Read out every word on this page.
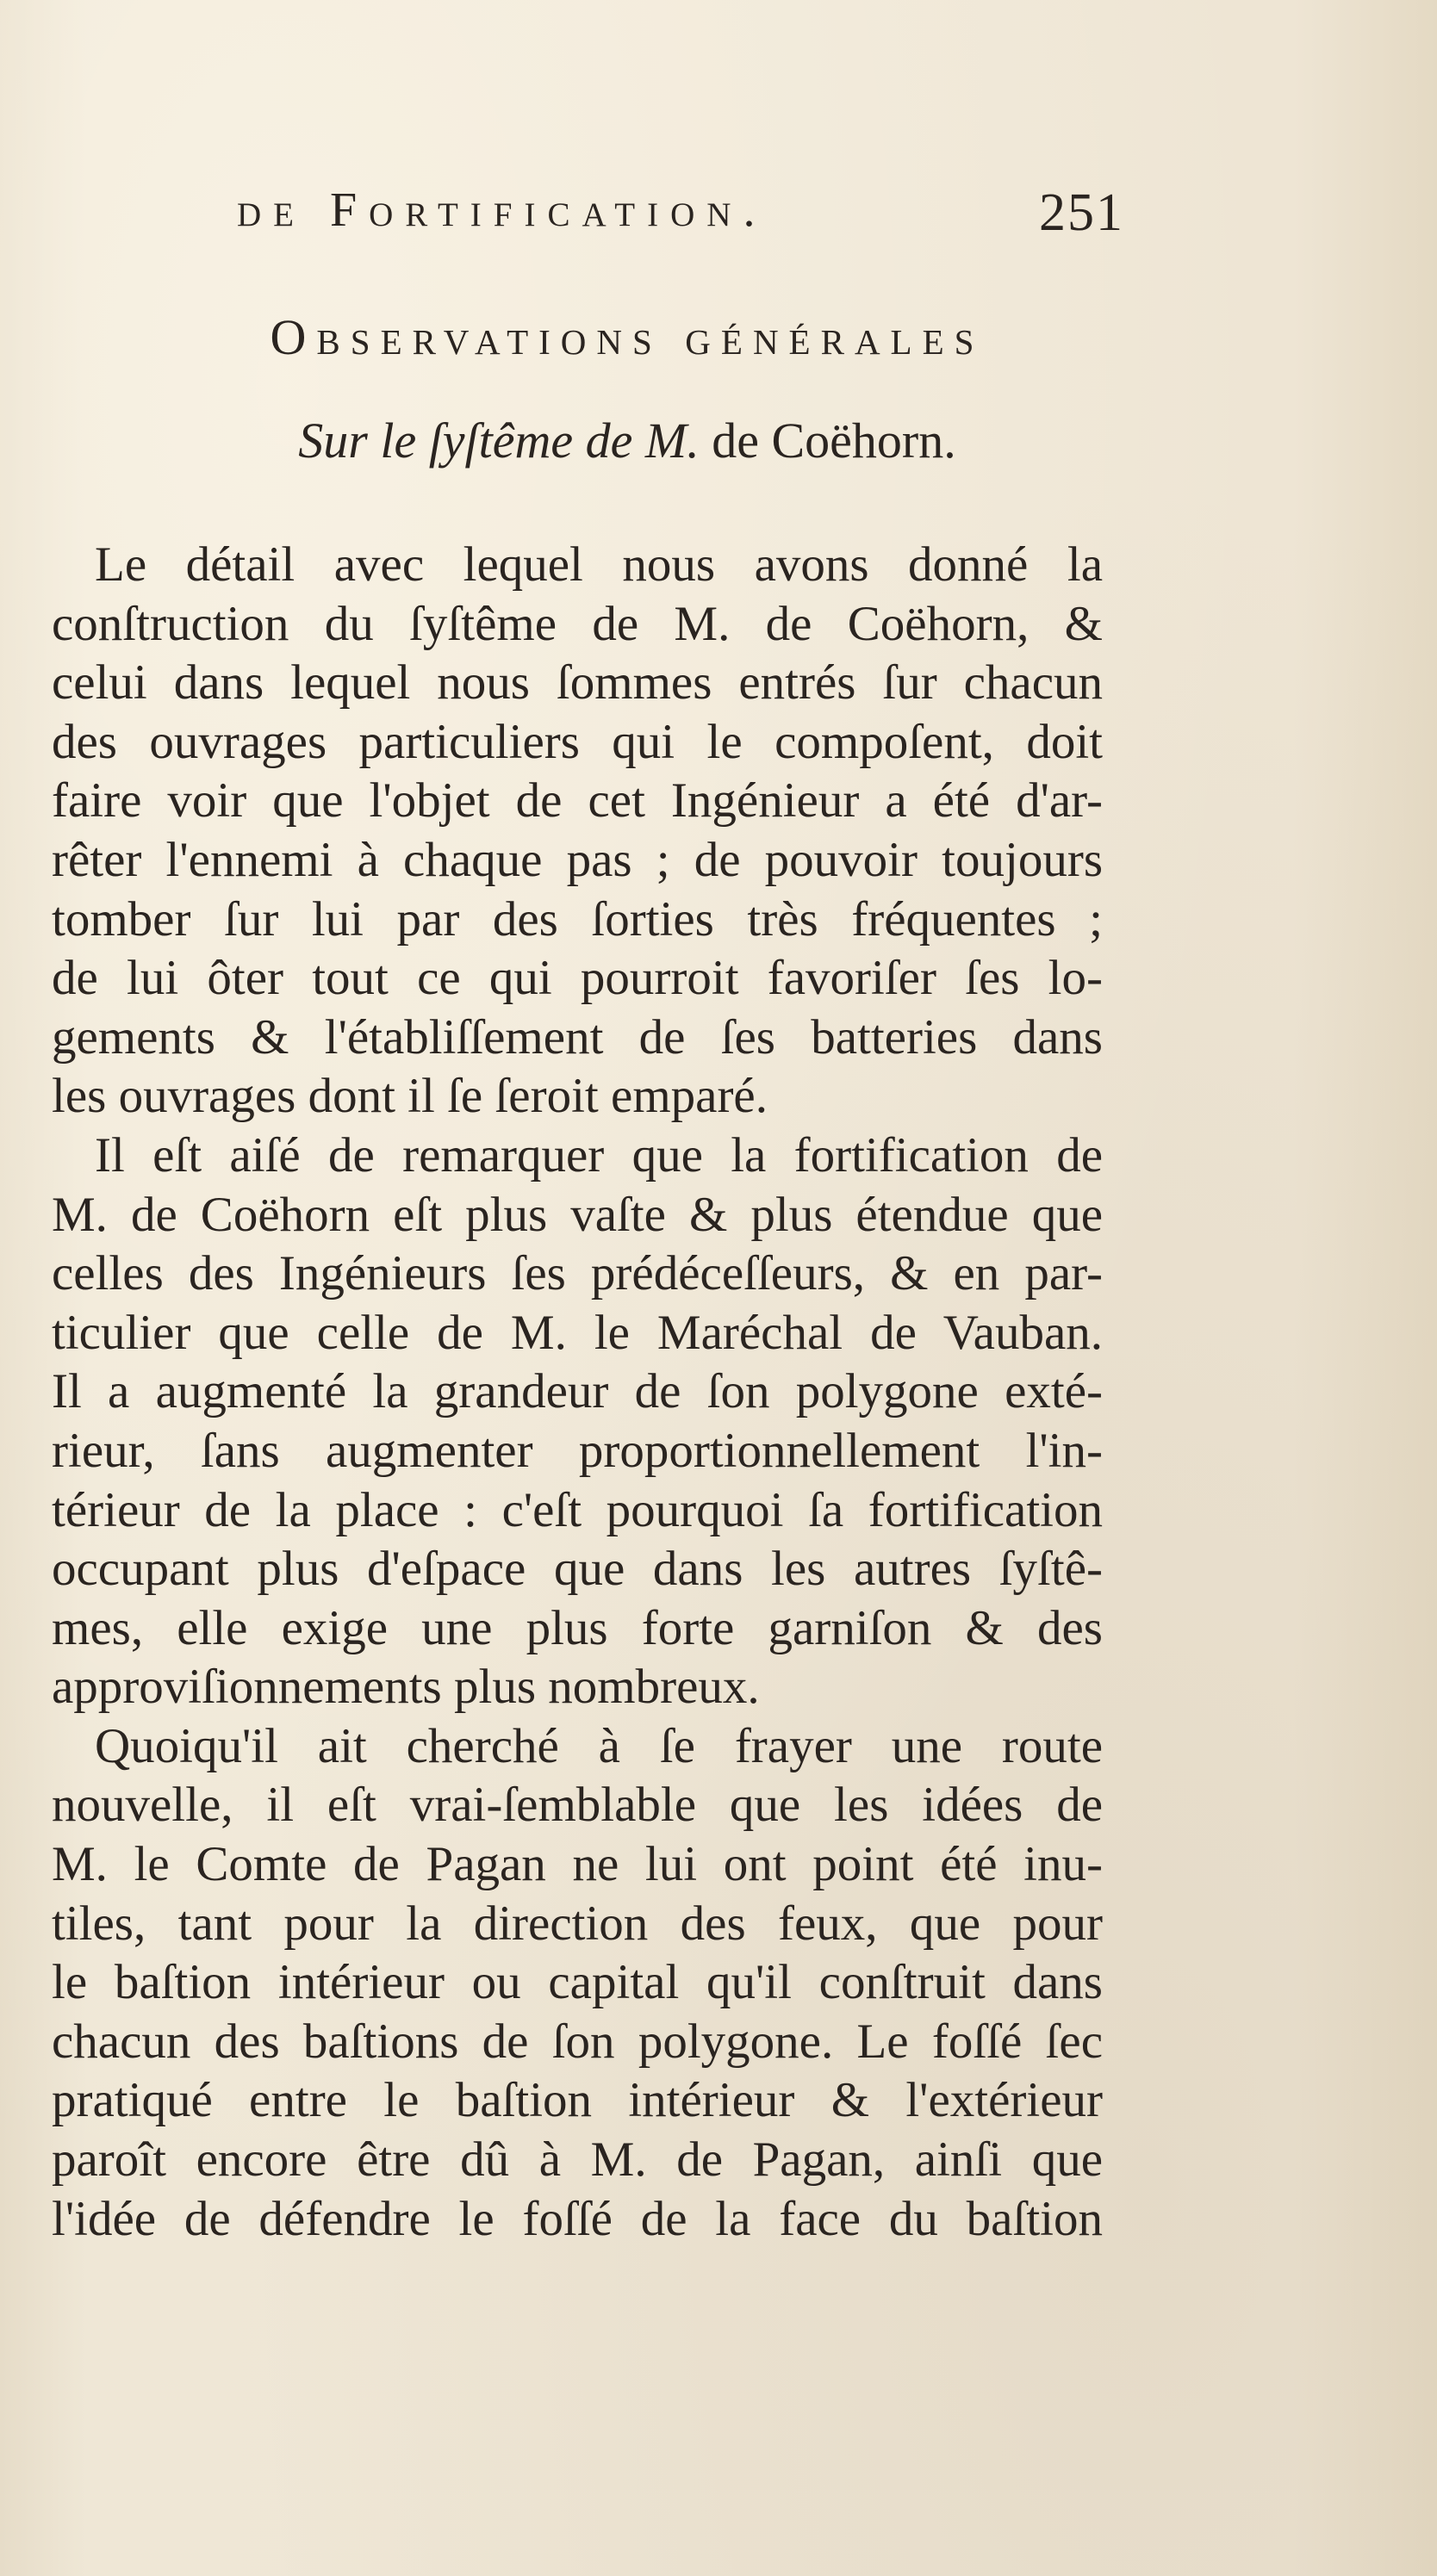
de Fortification.	251
Observations générales
Sur le ſyſtême de M. de Coëhorn.
Le détail avec lequel nous avons donné la
conſtruction du ſyſtême de M. de Coëhorn, &
celui dans lequel nous ſommes entrés ſur chacun
des ouvrages particuliers qui le compoſent, doit
faire voir que l'objet de cet Ingénieur a été d'ar-
rêter l'ennemi à chaque pas ; de pouvoir toujours
tomber ſur lui par des ſorties très fréquentes ;
de lui ôter tout ce qui pourroit favoriſer ſes lo-
gements & l'établiſſement de ſes batteries dans
les ouvrages dont il ſe ſeroit emparé.
Il eſt aiſé de remarquer que la fortification de
M. de Coëhorn eſt plus vaſte & plus étendue que
celles des Ingénieurs ſes prédéceſſeurs, & en par-
ticulier que celle de M. le Maréchal de Vauban.
Il a augmenté la grandeur de ſon polygone exté-
rieur, ſans augmenter proportionnellement l'in-
térieur de la place : c'eſt pourquoi ſa fortification
occupant plus d'eſpace que dans les autres ſyſtê-
mes, elle exige une plus forte garniſon & des
approviſionnements plus nombreux.
Quoiqu'il ait cherché à ſe frayer une route
nouvelle, il eſt vrai-ſemblable que les idées de
M. le Comte de Pagan ne lui ont point été inu-
tiles, tant pour la direction des feux, que pour
le baſtion intérieur ou capital qu'il conſtruit dans
chacun des baſtions de ſon polygone. Le foſſé ſec
pratiqué entre le baſtion intérieur & l'extérieur
paroît encore être dû à M. de Pagan, ainſi que
l'idée de défendre le foſſé de la face du baſtion
